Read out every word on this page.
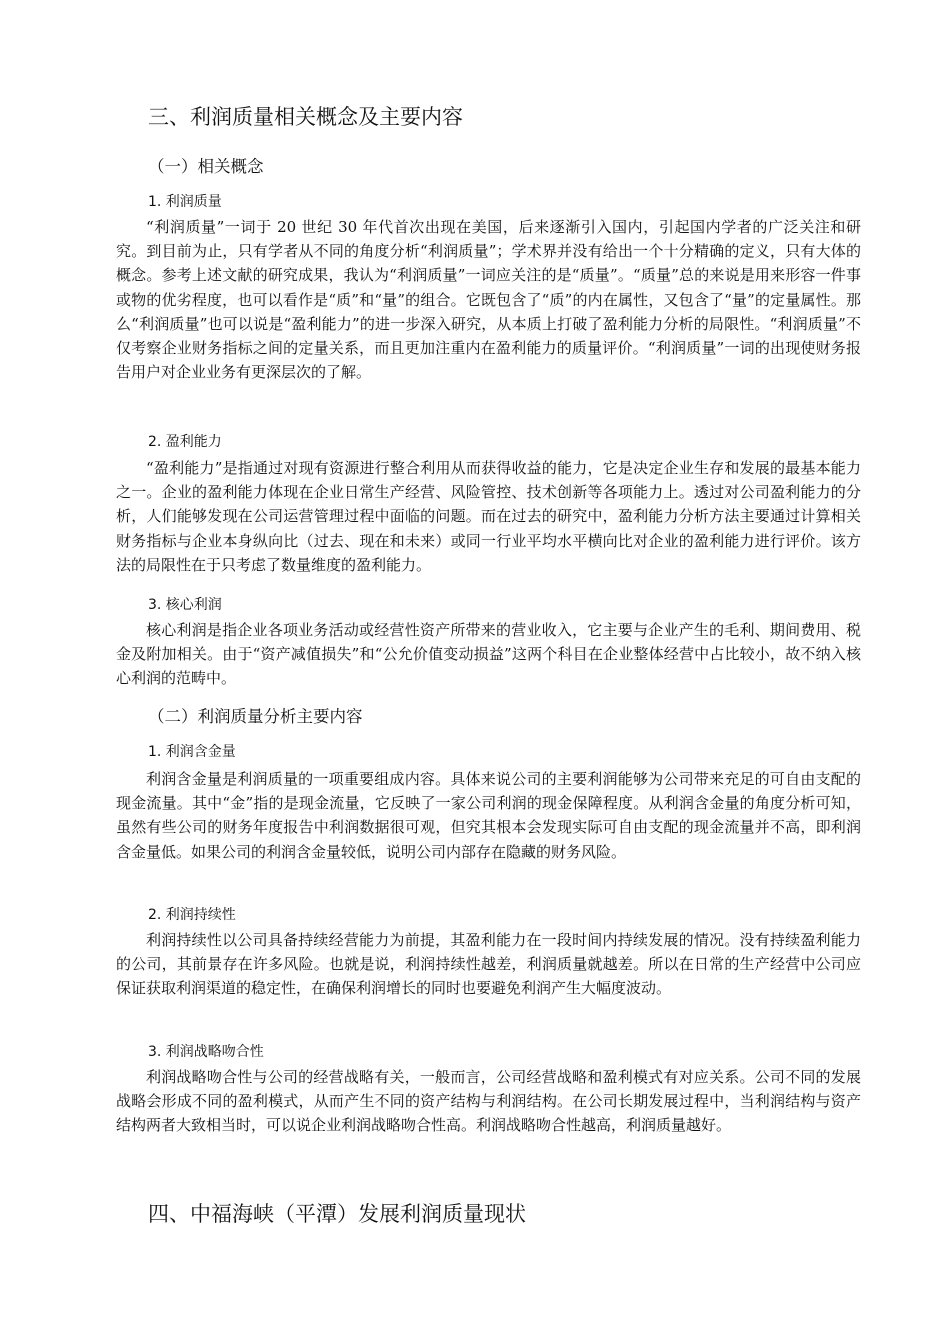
三、利润质量相关概念及主要内容
（一）相关概念
1. 利润质量

“利润质量”一词于 20 世纪 30 年代首次出现在美国，后来逐渐引入国内，引起国内学者的广泛关注和研究。到目前为止，只有学者从不同的角度分析“利润质量”；学术界并没有给出一个十分精确的定义，只有大体的概念。参考上述文献的研究成果，我认为“利润质量”一词应关注的是“质量”。“质量”总的来说是用来形容一件事或物的优劣程度，也可以看作是“质”和“量”的组合。它既包含了“质”的内在属性，又包含了“量”的定量属性。那么“利润质量”也可以说是“盈利能力”的进一步深入研究，从本质上打破了盈利能力分析的局限性。“利润质量”不仅考察企业财务指标之间的定量关系，而且更加注重内在盈利能力的质量评价。“利润质量”一词的出现使财务报告用户对企业业务有更深层次的了解。

2. 盈利能力

“盈利能力”是指通过对现有资源进行整合利用从而获得收益的能力，它是决定企业生存和发展的最基本能力之一。企业的盈利能力体现在企业日常生产经营、风险管控、技术创新等各项能力上。透过对公司盈利能力的分析，人们能够发现在公司运营管理过程中面临的问题。而在过去的研究中，盈利能力分析方法主要通过计算相关财务指标与企业本身纵向比（过去、现在和未来）或同一行业平均水平横向比对企业的盈利能力进行评价。该方法的局限性在于只考虑了数量维度的盈利能力。

3. 核心利润

核心利润是指企业各项业务活动或经营性资产所带来的营业收入，它主要与企业产生的毛利、期间费用、税金及附加相关。由于“资产减值损失”和“公允价值变动损益”这两个科目在企业整体经营中占比较小，故不纳入核心利润的范畴中。

（二）利润质量分析主要内容
1. 利润含金量

利润含金量是利润质量的一项重要组成内容。具体来说公司的主要利润能够为公司带来充足的可自由支配的现金流量。其中“金”指的是现金流量，它反映了一家公司利润的现金保障程度。从利润含金量的角度分析可知，虽然有些公司的财务年度报告中利润数据很可观，但究其根本会发现实际可自由支配的现金流量并不高，即利润含金量低。如果公司的利润含金量较低，说明公司内部存在隐藏的财务风险。

2. 利润持续性

利润持续性以公司具备持续经营能力为前提，其盈利能力在一段时间内持续发展的情况。没有持续盈利能力的公司，其前景存在许多风险。也就是说，利润持续性越差，利润质量就越差。所以在日常的生产经营中公司应保证获取利润渠道的稳定性，在确保利润增长的同时也要避免利润产生大幅度波动。

3. 利润战略吻合性

利润战略吻合性与公司的经营战略有关，一般而言，公司经营战略和盈利模式有对应关系。公司不同的发展战略会形成不同的盈利模式，从而产生不同的资产结构与利润结构。在公司长期发展过程中，当利润结构与资产结构两者大致相当时，可以说企业利润战略吻合性高。利润战略吻合性越高，利润质量越好。

四、中福海峡（平潭）发展利润质量现状
